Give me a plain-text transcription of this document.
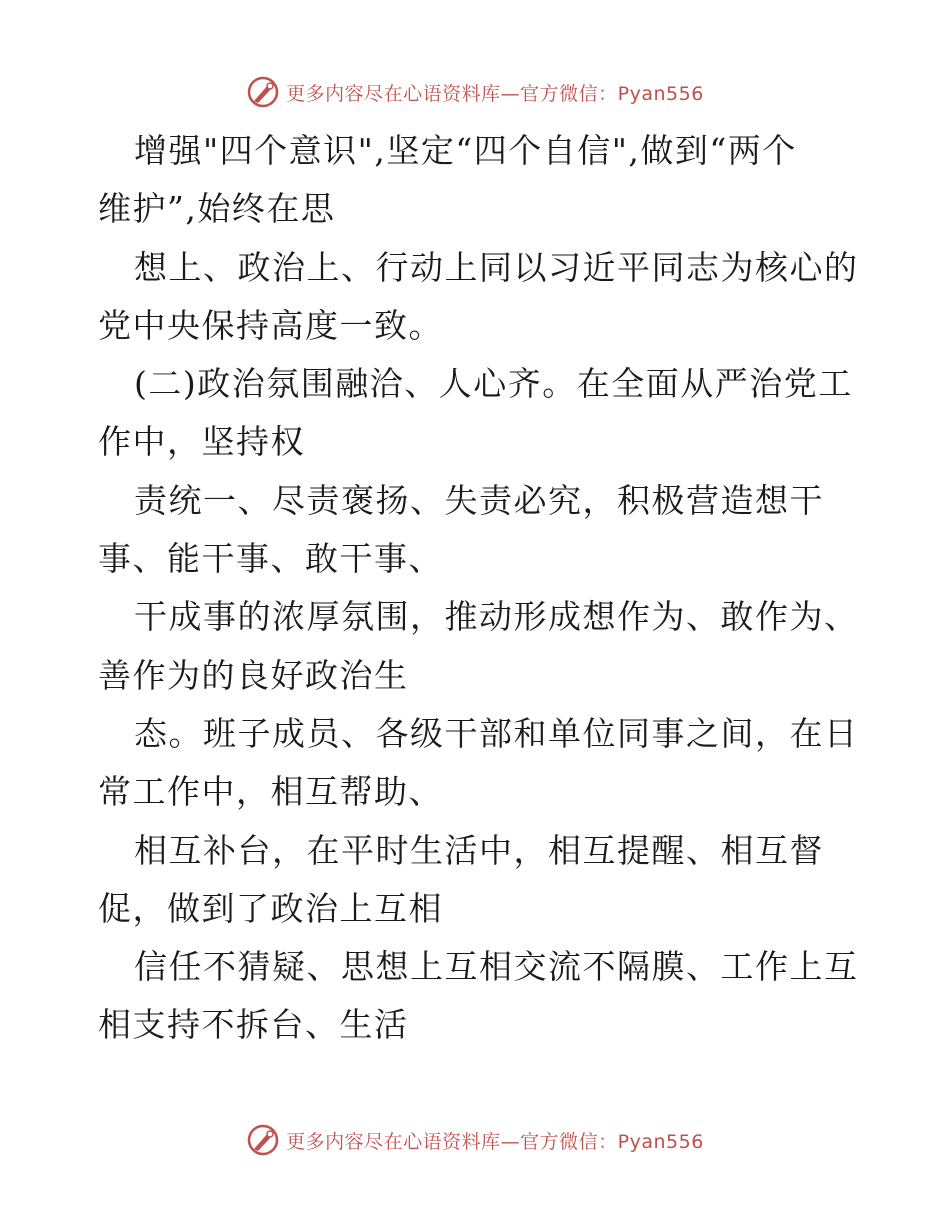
更多内容尽在心语资料库—官方微信：Pyan556
增强"四个意识",坚定“四个自信",做到“两个
维护”,始终在思
想上、政治上、行动上同以习近平同志为核心的
党中央保持高度一致。
(二)政治氛围融洽、人心齐。在全面从严治党工
作中，坚持权
责统一、尽责褒扬、失责必究，积极营造想干
事、能干事、敢干事、
干成事的浓厚氛围，推动形成想作为、敢作为、
善作为的良好政治生
态。班子成员、各级干部和单位同事之间，在日
常工作中，相互帮助、
相互补台，在平时生活中，相互提醒、相互督
促，做到了政治上互相
信任不猜疑、思想上互相交流不隔膜、工作上互
相支持不拆台、生活
更多内容尽在心语资料库—官方微信：Pyan556
